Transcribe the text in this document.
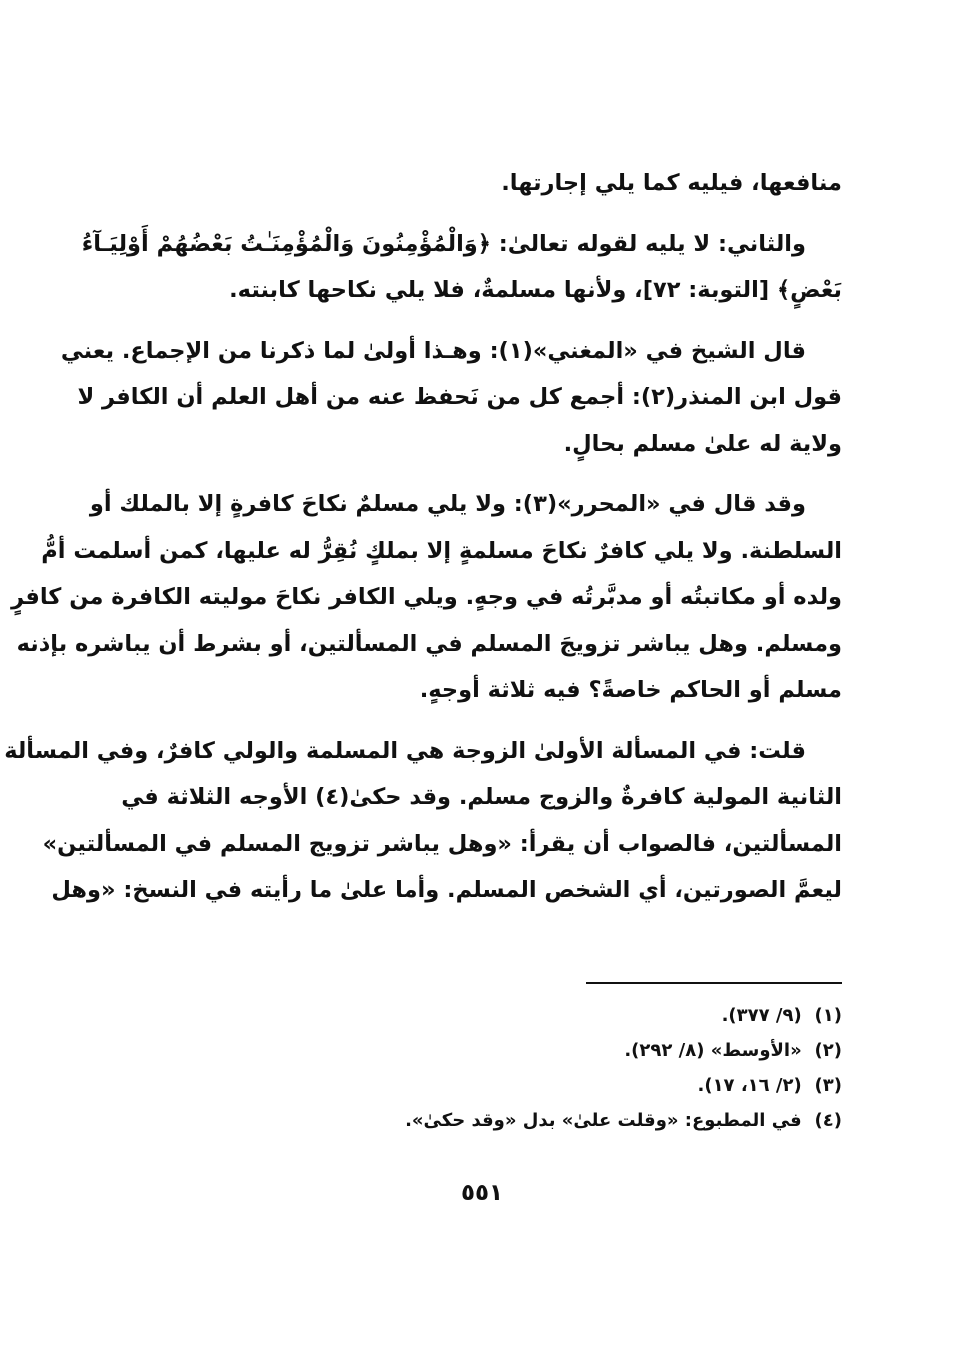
منافعها، فيليه كما يلي إجارتها.
والثاني: لا يليه لقوله تعالىٰ: ﴿وَالْمُؤْمِنُونَ وَالْمُؤْمِنَـٰتُ بَعْضُهُمْ أَوْلِيَـآءُ
بَعْضٍ﴾ [التوبة: ٧٢]، ولأنها مسلمةٌ، فلا يلي نكاحها كابنته.
قال الشيخ في «المغني»(١): وهـذا أولىٰ لما ذكرنا من الإجماع. يعني
قول ابن المنذر(٢): أجمع كل من نَحفظ عنه من أهل العلم أن الكافر لا
ولاية له علىٰ مسلم بحالٍ.
وقد قال في «المحرر»(٣): ولا يلي مسلمٌ نكاحَ كافرةٍ إلا بالملك أو
السلطنة. ولا يلي كافرٌ نكاحَ مسلمةٍ إلا بملكٍ نُقِرُّ له عليها، كمن أسلمت أمُّ
ولده أو مكاتبتُه أو مدبَّرتُه في وجهٍ. ويلي الكافر نكاحَ موليته الكافرة من كافرٍ
ومسلم. وهل يباشر تزويجَ المسلم في المسألتين، أو بشرط أن يباشره بإذنه
مسلم أو الحاكم خاصةً؟ فيه ثلاثة أوجهٍ.
قلت: في المسألة الأولىٰ الزوجة هي المسلمة والولي كافرٌ، وفي المسألة
الثانية المولية كافرةٌ والزوج مسلم. وقد حكىٰ(٤) الأوجه الثلاثة في
المسألتين، فالصواب أن يقرأ: «وهل يباشر تزويج المسلم في المسألتين»
ليعمَّ الصورتين، أي الشخص المسلم. وأما علىٰ ما رأيته في النسخ: «وهل
(١) (٩/ ٣٧٧).
(٢) «الأوسط» (٨/ ٢٩٢).
(٣) (٢/ ١٦، ١٧).
(٤) في المطبوع: «وقلت علىٰ» بدل «وقد حكىٰ».
٥٥١
